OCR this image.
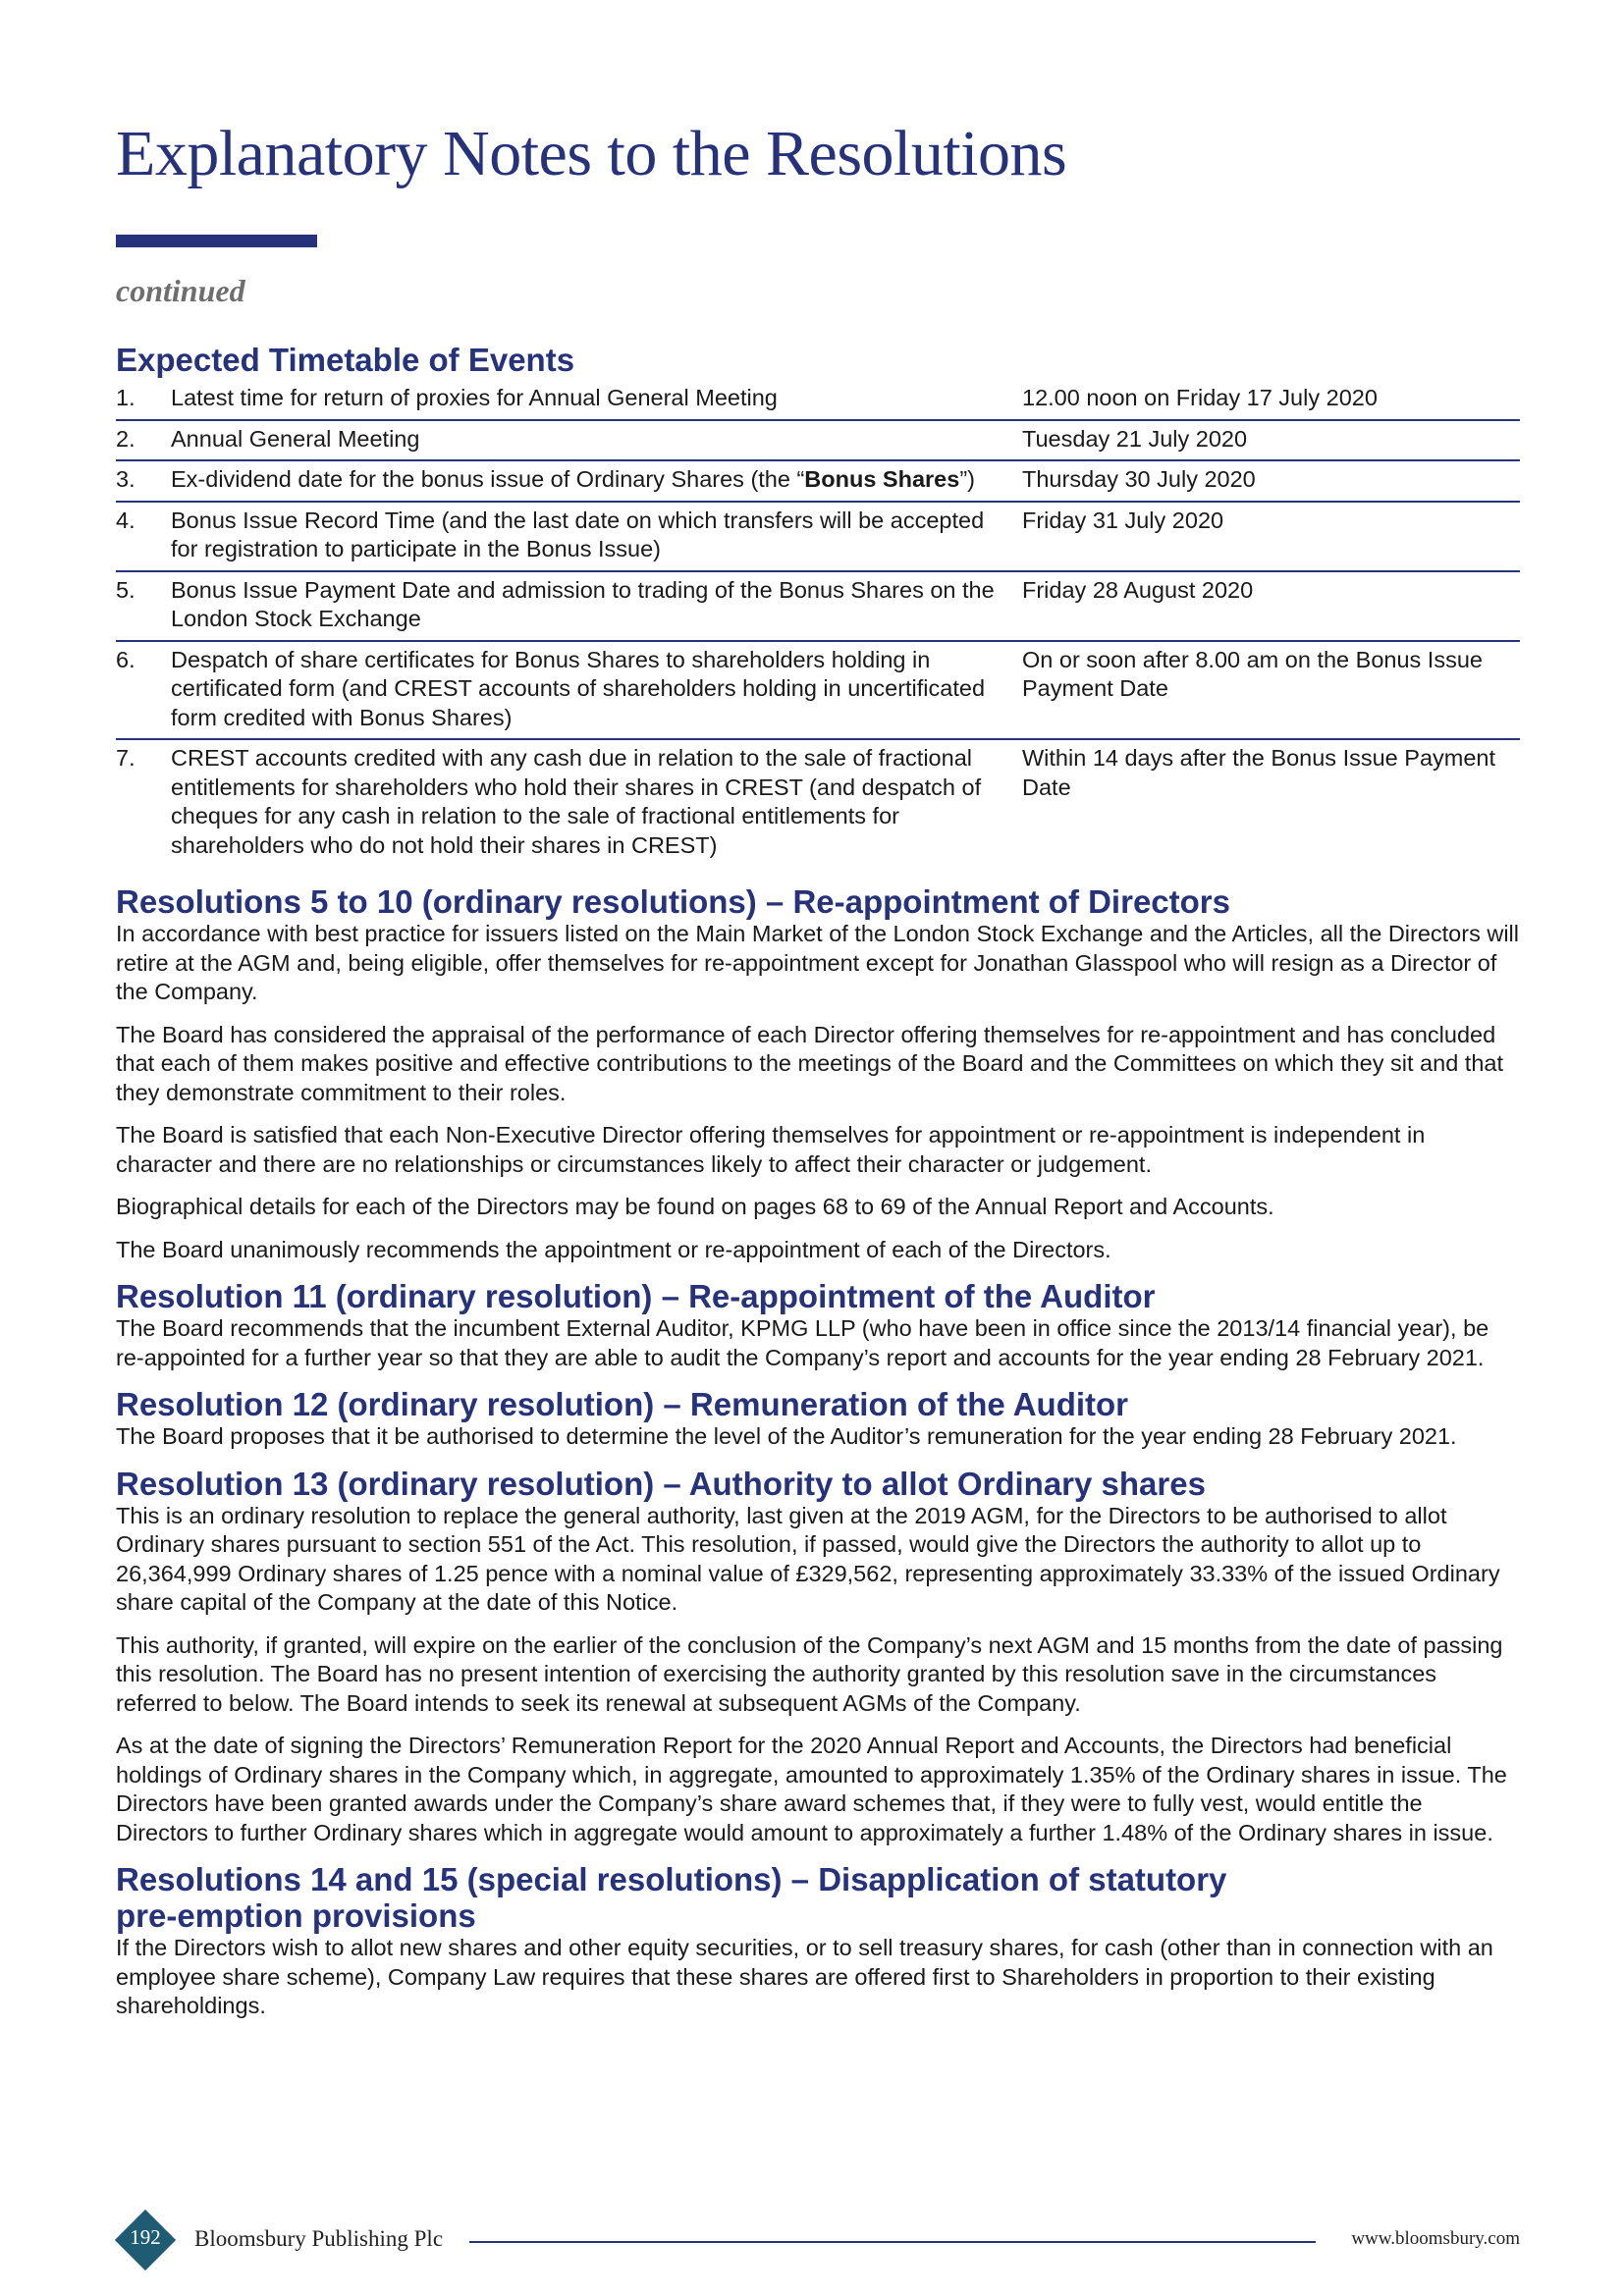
Explanatory Notes to the Resolutions
continued
Expected Timetable of Events
1.	Latest time for return of proxies for Annual General Meeting	12.00 noon on Friday 17 July 2020
2.	Annual General Meeting	Tuesday 21 July 2020
3.	Ex-dividend date for the bonus issue of Ordinary Shares (the “Bonus Shares”)	Thursday 30 July 2020
4.	Bonus Issue Record Time (and the last date on which transfers will be accepted for registration to participate in the Bonus Issue)	Friday 31 July 2020
5.	Bonus Issue Payment Date and admission to trading of the Bonus Shares on the London Stock Exchange	Friday 28 August 2020
6.	Despatch of share certificates for Bonus Shares to shareholders holding in certificated form (and CREST accounts of shareholders holding in uncertificated form credited with Bonus Shares)	On or soon after 8.00 am on the Bonus Issue Payment Date
7.	CREST accounts credited with any cash due in relation to the sale of fractional entitlements for shareholders who hold their shares in CREST (and despatch of cheques for any cash in relation to the sale of fractional entitlements for shareholders who do not hold their shares in CREST)	Within 14 days after the Bonus Issue Payment Date
Resolutions 5 to 10 (ordinary resolutions) – Re-appointment of Directors

In accordance with best practice for issuers listed on the Main Market of the London Stock Exchange and the Articles, all the Directors will retire at the AGM and, being eligible, offer themselves for re-appointment except for Jonathan Glasspool who will resign as a Director of the Company.

The Board has considered the appraisal of the performance of each Director offering themselves for re-appointment and has concluded that each of them makes positive and effective contributions to the meetings of the Board and the Committees on which they sit and that they demonstrate commitment to their roles.

The Board is satisfied that each Non-Executive Director offering themselves for appointment or re-appointment is independent in character and there are no relationships or circumstances likely to affect their character or judgement.

Biographical details for each of the Directors may be found on pages 68 to 69 of the Annual Report and Accounts.

The Board unanimously recommends the appointment or re-appointment of each of the Directors.

Resolution 11 (ordinary resolution) – Re-appointment of the Auditor

The Board recommends that the incumbent External Auditor, KPMG LLP (who have been in office since the 2013/14 financial year), be re-appointed for a further year so that they are able to audit the Company’s report and accounts for the year ending 28 February 2021.

Resolution 12 (ordinary resolution) – Remuneration of the Auditor

The Board proposes that it be authorised to determine the level of the Auditor’s remuneration for the year ending 28 February 2021.

Resolution 13 (ordinary resolution) – Authority to allot Ordinary shares

This is an ordinary resolution to replace the general authority, last given at the 2019 AGM, for the Directors to be authorised to allot Ordinary shares pursuant to section 551 of the Act. This resolution, if passed, would give the Directors the authority to allot up to 26,364,999 Ordinary shares of 1.25 pence with a nominal value of £329,562, representing approximately 33.33% of the issued Ordinary share capital of the Company at the date of this Notice.

This authority, if granted, will expire on the earlier of the conclusion of the Company’s next AGM and 15 months from the date of passing this resolution. The Board has no present intention of exercising the authority granted by this resolution save in the circumstances referred to below. The Board intends to seek its renewal at subsequent AGMs of the Company.

As at the date of signing the Directors’ Remuneration Report for the 2020 Annual Report and Accounts, the Directors had beneficial holdings of Ordinary shares in the Company which, in aggregate, amounted to approximately 1.35% of the Ordinary shares in issue. The Directors have been granted awards under the Company’s share award schemes that, if they were to fully vest, would entitle the Directors to further Ordinary shares which in aggregate would amount to approximately a further 1.48% of the Ordinary shares in issue.

Resolutions 14 and 15 (special resolutions) – Disapplication of statutory pre-emption provisions

If the Directors wish to allot new shares and other equity securities, or to sell treasury shares, for cash (other than in connection with an employee share scheme), Company Law requires that these shares are offered first to Shareholders in proportion to their existing shareholdings.

192	Bloomsbury Publishing Plc	www.bloomsbury.com
